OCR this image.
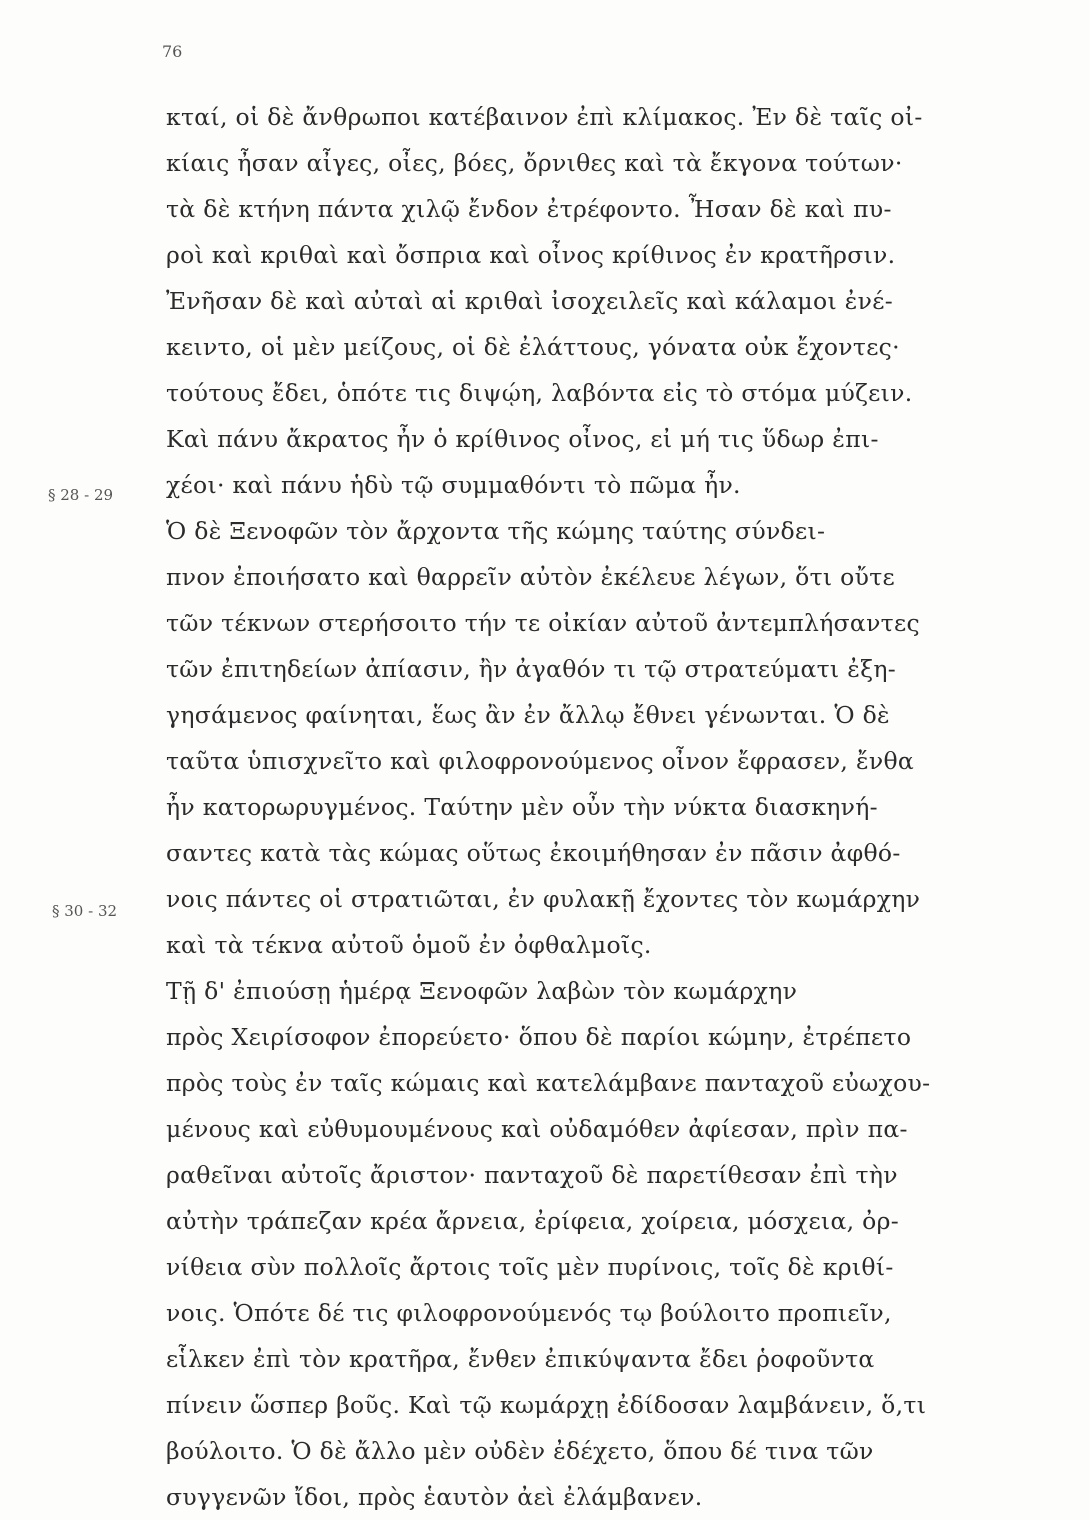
76
§ 28 - 29
§ 30 - 32
κταί, οἱ δὲ ἄνθρωποι κατέβαινον ἐπὶ κλίμακος. Ἐν δὲ ταῖς οἰ-
κίαις ἦσαν αἶγες, οἶες, βόες, ὄρνιθες καὶ τὰ ἔκγονα τούτων·
τὰ δὲ κτήνη πάντα χιλῷ ἔνδον ἐτρέφοντο. Ἦσαν δὲ καὶ πυ-
ροὶ καὶ κριθαὶ καὶ ὄσπρια καὶ οἶνος κρίθινος ἐν κρατῆρσιν.
Ἐνῆσαν δὲ καὶ αὐταὶ αἱ κριθαὶ ἰσοχειλεῖς καὶ κάλαμοι ἐνέ-
κειντο, οἱ μὲν μείζους, οἱ δὲ ἐλάττους, γόνατα οὐκ ἔχοντες·
τούτους ἔδει, ὁπότε τις διψῴη, λαβόντα εἰς τὸ στόμα μύζειν.
Καὶ πάνυ ἄκρατος ἦν ὁ κρίθινος οἶνος, εἰ μή τις ὕδωρ ἐπι-
χέοι· καὶ πάνυ ἡδὺ τῷ συμμαθόντι τὸ πῶμα ἦν.
Ὁ δὲ Ξενοφῶν τὸν ἄρχοντα τῆς κώμης ταύτης σύνδει-
πνον ἐποιήσατο καὶ θαρρεῖν αὐτὸν ἐκέλευε λέγων, ὅτι οὔτε
τῶν τέκνων στερήσοιτο τήν τε οἰκίαν αὐτοῦ ἀντεμπλήσαντες
τῶν ἐπιτηδείων ἀπίασιν, ἢν ἀγαθόν τι τῷ στρατεύματι ἐξη-
γησάμενος φαίνηται, ἕως ἂν ἐν ἄλλῳ ἔθνει γένωνται. Ὁ δὲ
ταῦτα ὑπισχνεῖτο καὶ φιλοφρονούμενος οἶνον ἔφρασεν, ἔνθα
ἦν κατορωρυγμένος. Ταύτην μὲν οὖν τὴν νύκτα διασκηνή-
σαντες κατὰ τὰς κώμας οὕτως ἐκοιμήθησαν ἐν πᾶσιν ἀφθό-
νοις πάντες οἱ στρατιῶται, ἐν φυλακῇ ἔχοντες τὸν κωμάρχην
καὶ τὰ τέκνα αὐτοῦ ὁμοῦ ἐν ὀφθαλμοῖς.
Τῇ δ' ἐπιούσῃ ἡμέρᾳ Ξενοφῶν λαβὼν τὸν κωμάρχην
πρὸς Χειρίσοφον ἐπορεύετο· ὅπου δὲ παρίοι κώμην, ἐτρέπετο
πρὸς τοὺς ἐν ταῖς κώμαις καὶ κατελάμβανε πανταχοῦ εὐωχου-
μένους καὶ εὐθυμουμένους καὶ οὐδαμόθεν ἀφίεσαν, πρὶν πα-
ραθεῖναι αὐτοῖς ἄριστον· πανταχοῦ δὲ παρετίθεσαν ἐπὶ τὴν
αὐτὴν τράπεζαν κρέα ἄρνεια, ἐρίφεια, χοίρεια, μόσχεια, ὀρ-
νίθεια σὺν πολλοῖς ἄρτοις τοῖς μὲν πυρίνοις, τοῖς δὲ κριθί-
νοις. Ὁπότε δέ τις φιλοφρονούμενός τῳ βούλοιτο προπιεῖν,
εἷλκεν ἐπὶ τὸν κρατῆρα, ἔνθεν ἐπικύψαντα ἔδει ῥοφοῦντα
πίνειν ὥσπερ βοῦς. Καὶ τῷ κωμάρχῃ ἐδίδοσαν λαμβάνειν, ὅ,τι
βούλοιτο. Ὁ δὲ ἄλλο μὲν οὐδὲν ἐδέχετο, ὅπου δέ τινα τῶν
συγγενῶν ἴδοι, πρὸς ἑαυτὸν ἀεὶ ἐλάμβανεν.
